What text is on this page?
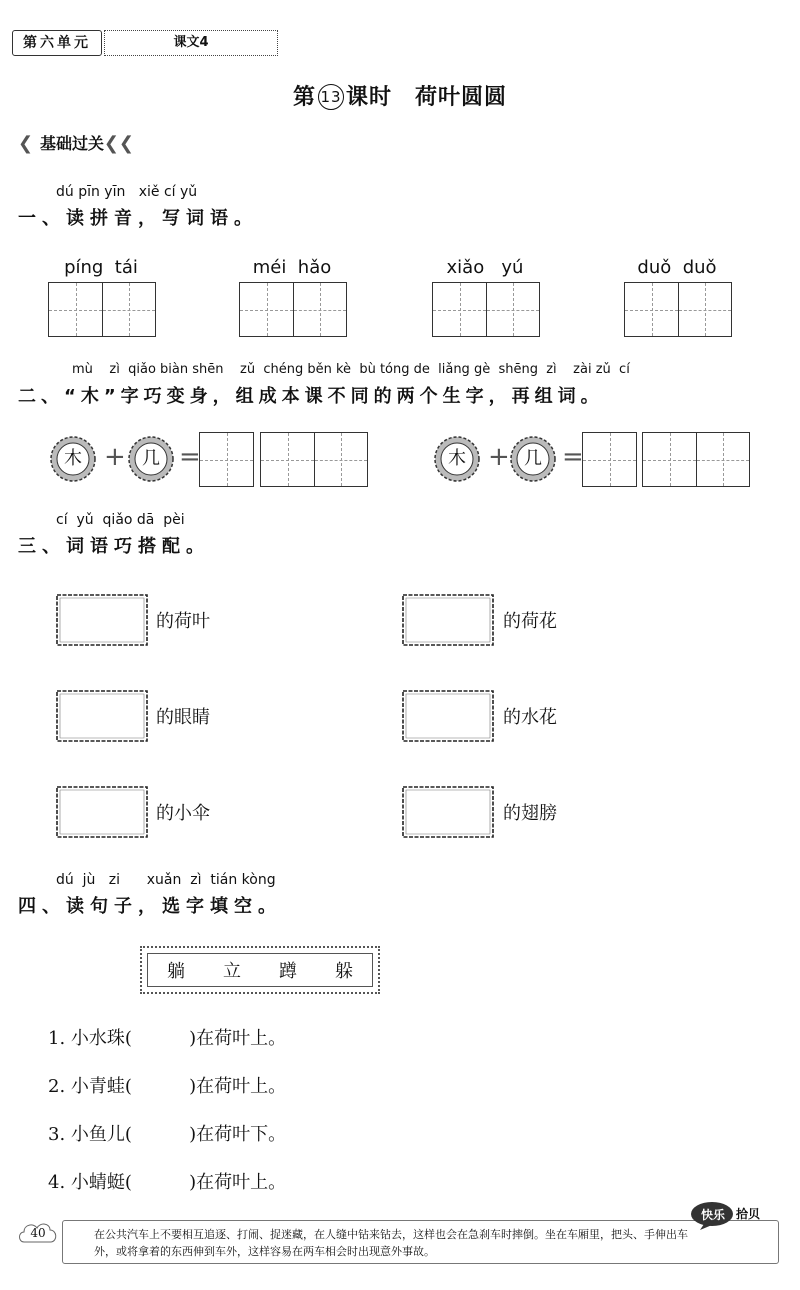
第六单元	课文4
第 13 课时　荷叶圆圆
❮ 基础过关 ❮❮
dú pīn yīn   xiě cí yǔ
一、读拼音，写词语。
píng  tái	méi  hǎo	xiǎo   yú	duǒ  duǒ
mù    zì  qiǎo biàn shēn    zǔ  chéng běn kè  bù tóng de  liǎng gè  shēng  zì    zài zǔ  cí
二、“木”字巧变身，组成本课不同的两个生字，再组词。
木 + 几 =	木 + 几 =
cí  yǔ  qiǎo dā  pèi
三、词语巧搭配。
的荷叶	的荷花
的眼睛	的水花
的小伞	的翅膀
dú  jù   zi      xuǎn  zì  tián kòng
四、读句子，选字填空。
躺 立 蹲 躲
1. 小水珠(          )在荷叶上。
2. 小青蛙(          )在荷叶上。
3. 小鱼儿(          )在荷叶下。
4. 小蜻蜓(          )在荷叶上。
40	在公共汽车上不要相互追逐、打闹、捉迷藏，在人缝中钻来钻去，这样也会在急刹车时摔倒。坐在车厢里，把头、手伸出车外，或将拿着的东西伸到车外，这样容易在两车相会时出现意外事故。
快乐 拾贝
